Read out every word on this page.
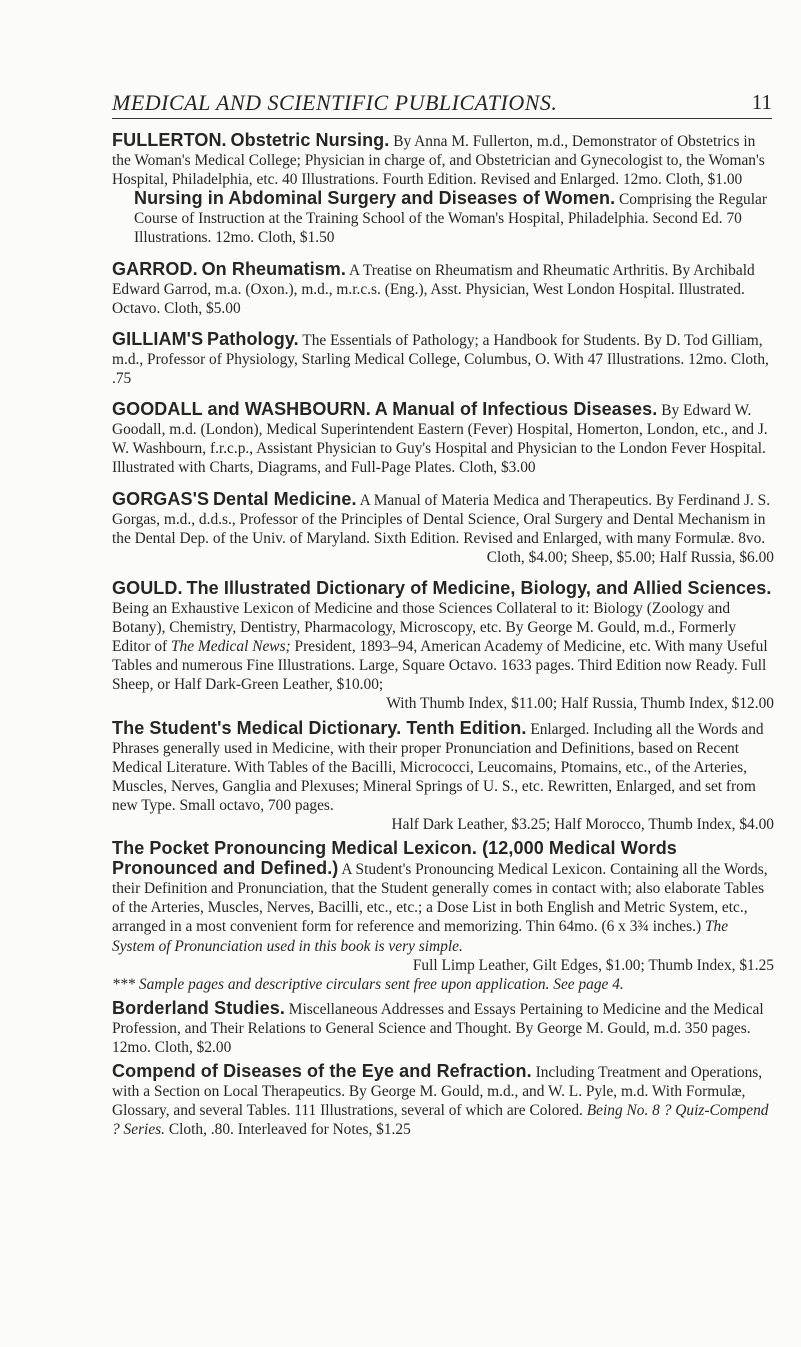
MEDICAL AND SCIENTIFIC PUBLICATIONS.	11
FULLERTON. Obstetric Nursing. By Anna M. Fullerton, m.d., Demonstrator of Obstetrics in the Woman's Medical College; Physician in charge of, and Obstetrician and Gynecologist to, the Woman's Hospital, Philadelphia, etc. 40 Illustrations. Fourth Edition. Revised and Enlarged. 12mo. Cloth, $1.00
Nursing in Abdominal Surgery and Diseases of Women. Comprising the Regular Course of Instruction at the Training School of the Woman's Hospital, Philadelphia. Second Ed. 70 Illustrations. 12mo. Cloth, $1.50
GARROD. On Rheumatism. A Treatise on Rheumatism and Rheumatic Arthritis. By Archibald Edward Garrod, m.a. (Oxon.), m.d., m.r.c.s. (Eng.), Asst. Physician, West London Hospital. Illustrated. Octavo. Cloth, $5.00
GILLIAM'S Pathology. The Essentials of Pathology; a Handbook for Students. By D. Tod Gilliam, m.d., Professor of Physiology, Starling Medical College, Columbus, O. With 47 Illustrations. 12mo. Cloth, .75
GOODALL and WASHBOURN. A Manual of Infectious Diseases. By Edward W. Goodall, m.d. (London), Medical Superintendent Eastern (Fever) Hospital, Homerton, London, etc., and J. W. Washbourn, f.r.c.p., Assistant Physician to Guy's Hospital and Physician to the London Fever Hospital. Illustrated with Charts, Diagrams, and Full-Page Plates. Cloth, $3.00
GORGAS'S Dental Medicine. A Manual of Materia Medica and Therapeutics. By Ferdinand J. S. Gorgas, m.d., d.d.s., Professor of the Principles of Dental Science, Oral Surgery and Dental Mechanism in the Dental Dep. of the Univ. of Maryland. Sixth Edition. Revised and Enlarged, with many Formulæ. 8vo.
Cloth, $4.00; Sheep, $5.00; Half Russia, $6.00
GOULD. The Illustrated Dictionary of Medicine, Biology, and Allied Sciences. Being an Exhaustive Lexicon of Medicine and those Sciences Collateral to it: Biology (Zoology and Botany), Chemistry, Dentistry, Pharmacology, Microscopy, etc. By George M. Gould, m.d., Formerly Editor of The Medical News; President, 1893–94, American Academy of Medicine, etc. With many Useful Tables and numerous Fine Illustrations. Large, Square Octavo. 1633 pages. Third Edition now Ready. Full Sheep, or Half Dark-Green Leather, $10.00;
With Thumb Index, $11.00; Half Russia, Thumb Index, $12.00
The Student's Medical Dictionary. Tenth Edition. Enlarged. Including all the Words and Phrases generally used in Medicine, with their proper Pronunciation and Definitions, based on Recent Medical Literature. With Tables of the Bacilli, Micrococci, Leucomains, Ptomains, etc., of the Arteries, Muscles, Nerves, Ganglia and Plexuses; Mineral Springs of U. S., etc. Rewritten, Enlarged, and set from new Type. Small octavo, 700 pages.
Half Dark Leather, $3.25; Half Morocco, Thumb Index, $4.00
The Pocket Pronouncing Medical Lexicon. (12,000 Medical Words Pronounced and Defined.) A Student's Pronouncing Medical Lexicon. Containing all the Words, their Definition and Pronunciation, that the Student generally comes in contact with; also elaborate Tables of the Arteries, Muscles, Nerves, Bacilli, etc., etc.; a Dose List in both English and Metric System, etc., arranged in a most convenient form for reference and memorizing. Thin 64mo. (6 x 3¾ inches.) The System of Pronunciation used in this book is very simple.
Full Limp Leather, Gilt Edges, $1.00; Thumb Index, $1.25
*** Sample pages and descriptive circulars sent free upon application. See page 4.
Borderland Studies. Miscellaneous Addresses and Essays Pertaining to Medicine and the Medical Profession, and Their Relations to General Science and Thought. By George M. Gould, m.d. 350 pages. 12mo. Cloth, $2.00
Compend of Diseases of the Eye and Refraction. Including Treatment and Operations, with a Section on Local Therapeutics. By George M. Gould, m.d., and W. L. Pyle, m.d. With Formulæ, Glossary, and several Tables. 111 Illustrations, several of which are Colored. Being No. 8 ? Quiz-Compend ? Series. Cloth, .80. Interleaved for Notes, $1.25
